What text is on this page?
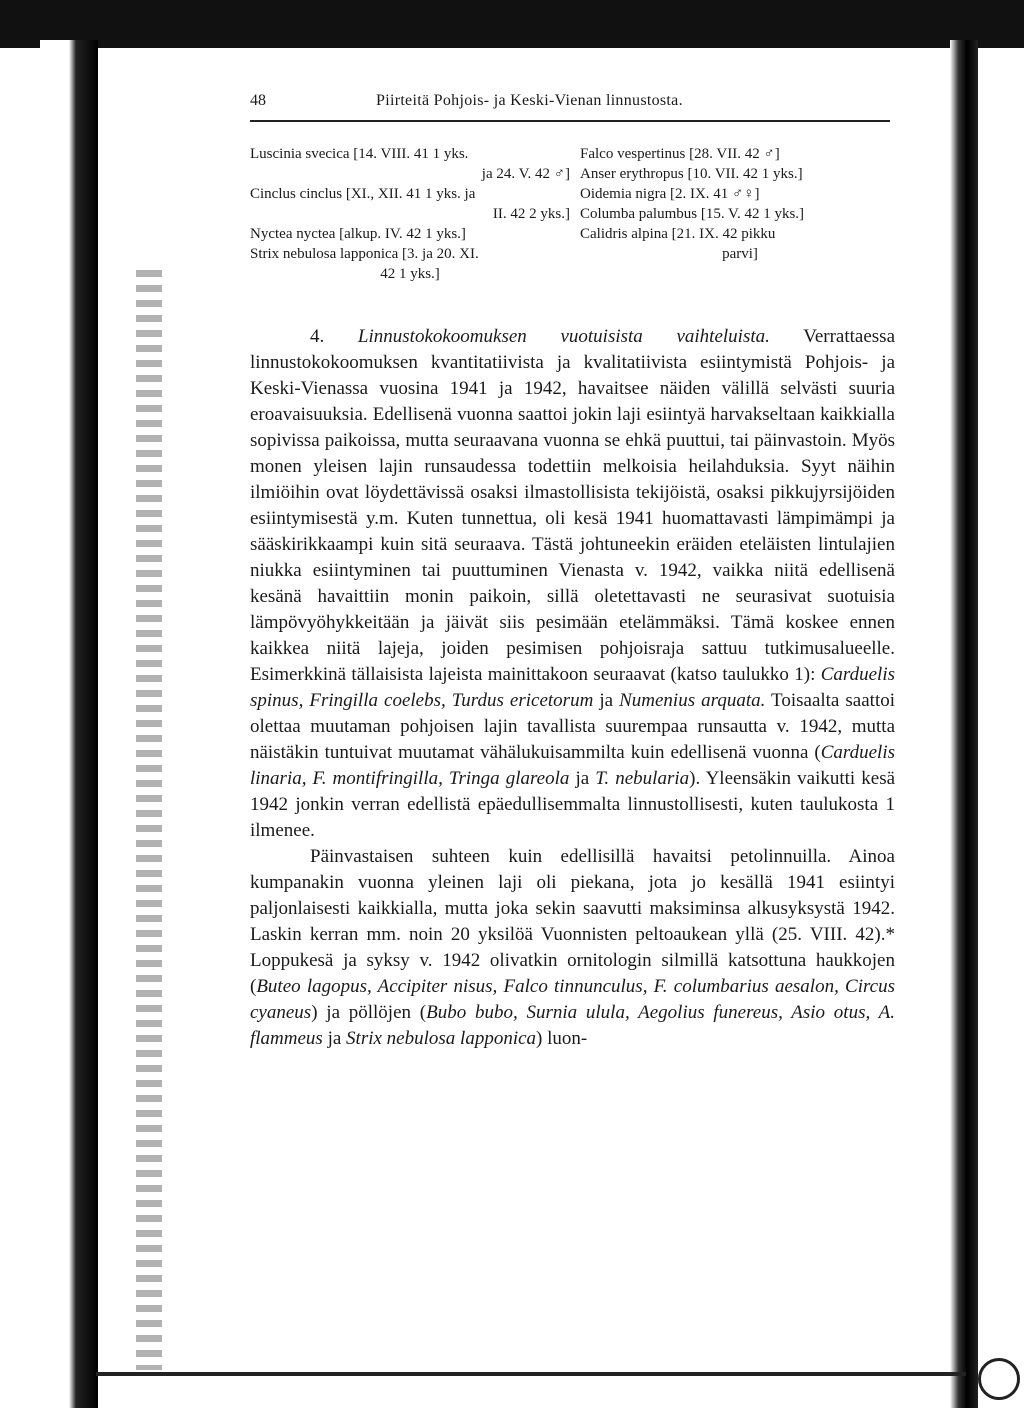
48	Piirteitä Pohjois- ja Keski-Vienan linnustosta.
Luscinia svecica [14. VIII. 41 1 yks.
ja 24. V. 42 ♂]
Cinclus cinclus [XI., XII. 41 1 yks. ja
II. 42 2 yks.]
Nyctea nyctea [alkup. IV. 42 1 yks.]
Strix nebulosa lapponica [3. ja 20. XI.
42 1 yks.]
Falco vespertinus [28. VII. 42 ♂]
Anser erythropus [10. VII. 42 1 yks.]
Oidemia nigra [2. IX. 41 ♂♀]
Columba palumbus [15. V. 42 1 yks.]
Calidris alpina [21. IX. 42 pikku
parvi]

4. Linnustokokoomuksen vuotuisista vaihteluista. Verrattaessa linnustokokoomuksen kvantitatiivista ja kvalitatiivista esiintymistä Pohjois- ja Keski-Vienassa vuosina 1941 ja 1942, havaitsee näiden välillä selvästi suuria eroavaisuuksia. Edellisenä vuonna saattoi jokin laji esiintyä harvakseltaan kaikkialla sopivissa paikoissa, mutta seuraavana vuonna se ehkä puuttui, tai päinvastoin. Myös monen yleisen lajin runsaudessa todettiin melkoisia heilahduksia. Syyt näihin ilmiöihin ovat löydettävissä osaksi ilmastollisista tekijöistä, osaksi pikkujyrsijöiden esiintymisestä y.m. Kuten tunnettua, oli kesä 1941 huomattavasti lämpimämpi ja sääskirikkaampi kuin sitä seuraava. Tästä johtuneekin eräiden eteläisten lintulajien niukka esiintyminen tai puuttuminen Vienasta v. 1942, vaikka niitä edellisenä kesänä havaittiin monin paikoin, sillä oletettavasti ne seurasivat suotuisia lämpövyöhykkeitään ja jäivät siis pesimään etelämmäksi. Tämä koskee ennen kaikkea niitä lajeja, joiden pesimisen pohjoisraja sattuu tutkimusalueelle. Esimerkkinä tällaisista lajeista mainittakoon seuraavat (katso taulukko 1): Carduelis spinus, Fringilla coelebs, Turdus ericetorum ja Numenius arquata. Toisaalta saattoi olettaa muutaman pohjoisen lajin tavallista suurempaa runsautta v. 1942, mutta näistäkin tuntuivat muutamat vähälukuisammilta kuin edellisenä vuonna (Carduelis linaria, F. montifringilla, Tringa glareola ja T. nebularia). Yleensäkin vaikutti kesä 1942 jonkin verran edellistä epäedullisemmalta linnustollisesti, kuten taulukosta 1 ilmenee.

Päinvastaisen suhteen kuin edellisillä havaitsi petolinnuilla. Ainoa kumpanakin vuonna yleinen laji oli piekana, jota jo kesällä 1941 esiintyi paljonlaisesti kaikkialla, mutta joka sekin saavutti maksiminsa alkusyksystä 1942. Laskin kerran mm. noin 20 yksilöä Vuonnisten peltoaukean yllä (25. VIII. 42).* Loppukesä ja syksy v. 1942 olivatkin ornitologin silmillä katsottuna haukkojen (Buteo lagopus, Accipiter nisus, Falco tinnunculus, F. columbarius aesalon, Circus cyaneus) ja pöllöjen (Bubo bubo, Surnia ulula, Aegolius funereus, Asio otus, A. flammeus ja Strix nebulosa lapponica) luon-
